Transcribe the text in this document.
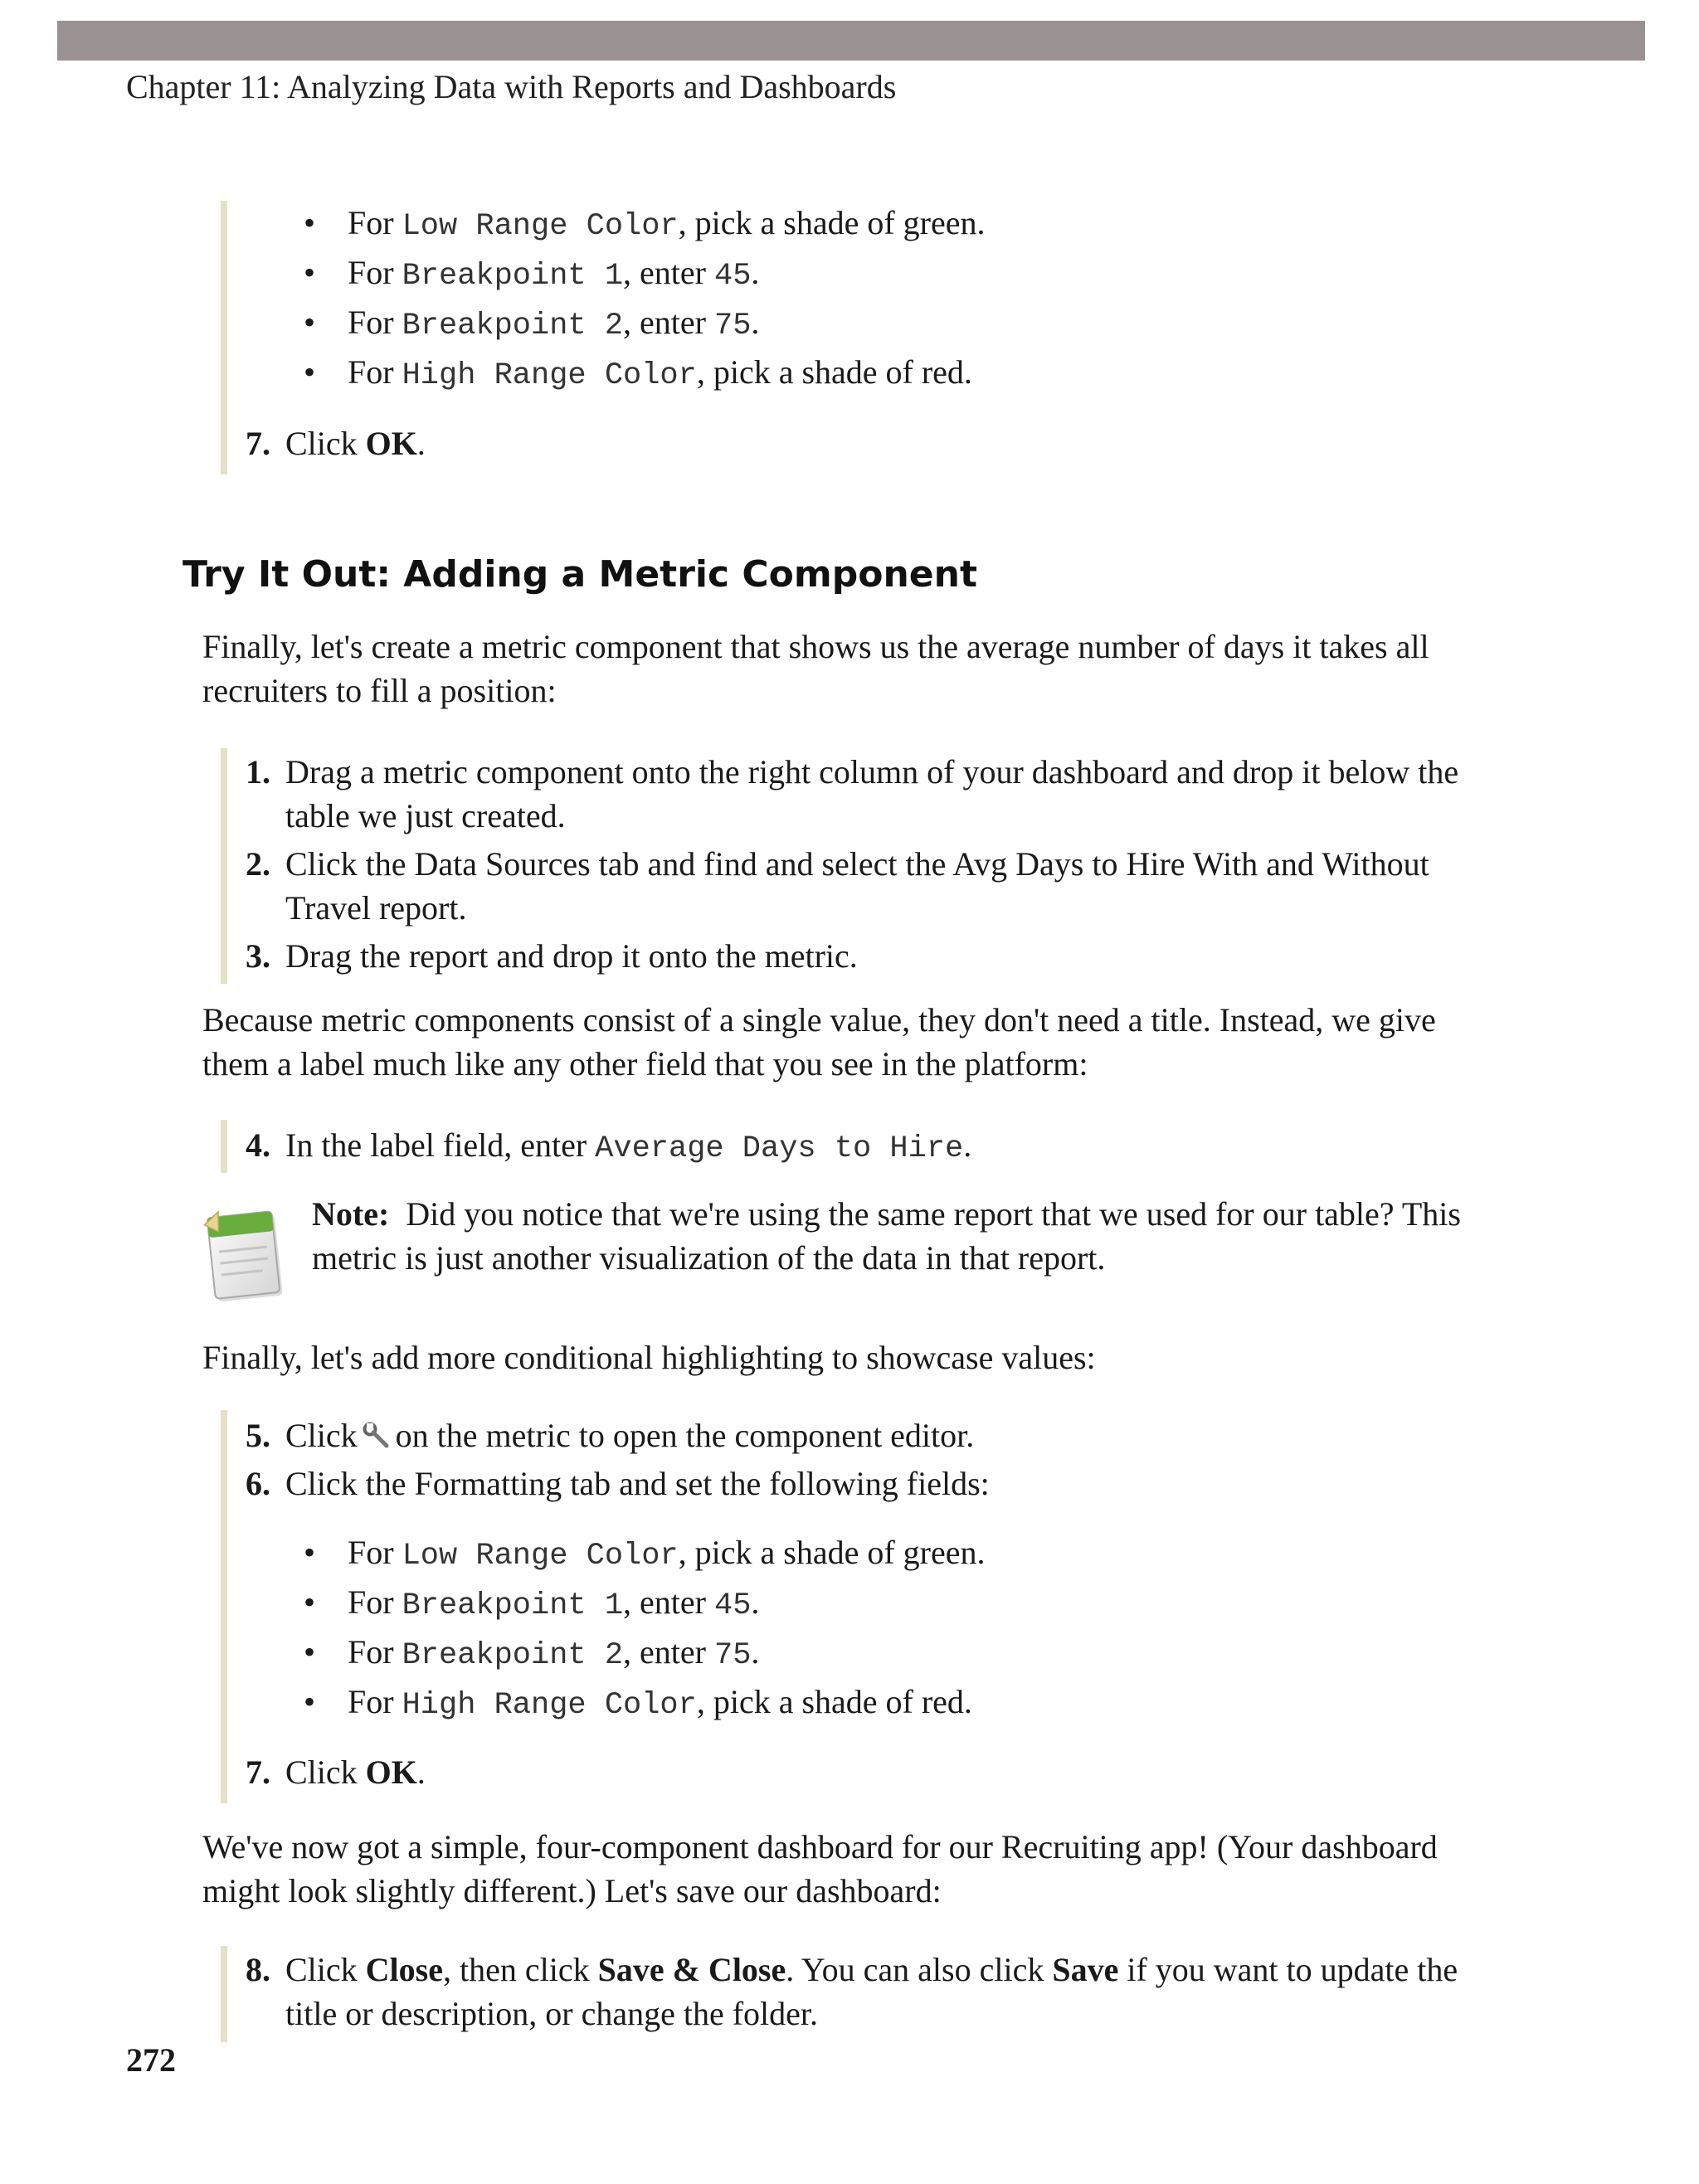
Chapter 11: Analyzing Data with Reports and Dashboards
• For Low Range Color, pick a shade of green.
• For Breakpoint 1, enter 45.
• For Breakpoint 2, enter 75.
• For High Range Color, pick a shade of red.
7. Click OK.
Try It Out: Adding a Metric Component
Finally, let's create a metric component that shows us the average number of days it takes all recruiters to fill a position:
1. Drag a metric component onto the right column of your dashboard and drop it below the table we just created.
2. Click the Data Sources tab and find and select the Avg Days to Hire With and Without Travel report.
3. Drag the report and drop it onto the metric.
Because metric components consist of a single value, they don't need a title. Instead, we give them a label much like any other field that you see in the platform:
4. In the label field, enter Average Days to Hire.
Note: Did you notice that we're using the same report that we used for our table? This metric is just another visualization of the data in that report.
Finally, let's add more conditional highlighting to showcase values:
5. Click on the metric to open the component editor.
6. Click the Formatting tab and set the following fields:
• For Low Range Color, pick a shade of green.
• For Breakpoint 1, enter 45.
• For Breakpoint 2, enter 75.
• For High Range Color, pick a shade of red.
7. Click OK.
We've now got a simple, four-component dashboard for our Recruiting app! (Your dashboard might look slightly different.) Let's save our dashboard:
8. Click Close, then click Save & Close. You can also click Save if you want to update the title or description, or change the folder.
272
